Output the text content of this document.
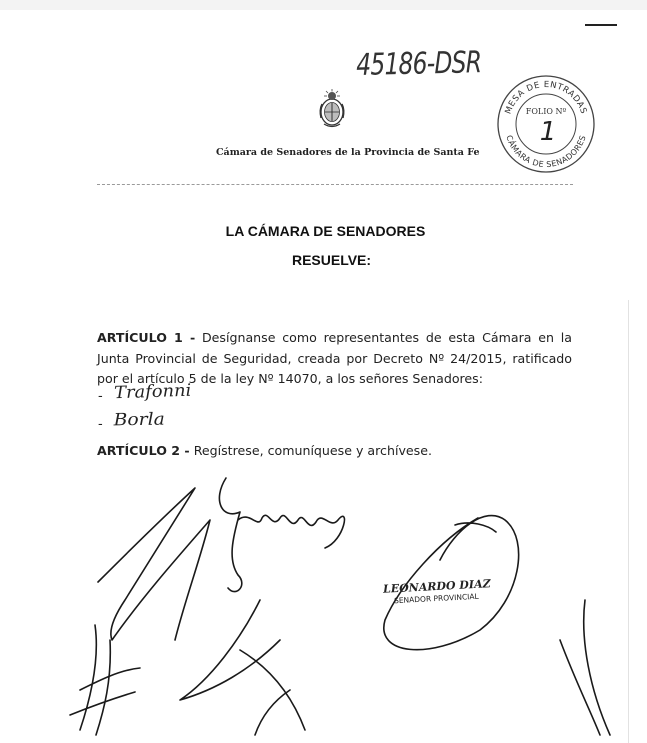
45186-DSR
Cámara de Senadores de la Provincia de Santa Fe
MESA DE ENTRADAS
CÁMARA DE SENADORES
FOLIO Nº
1
LA CÁMARA DE SENADORES
RESUELVE:
ARTÍCULO 1 - Desígnanse como representantes de esta Cámara en la Junta Provincial de Seguridad, creada por Decreto Nº 24/2015, ratificado por el artículo 5 de la ley Nº 14070, a los señores Senadores:
- Trafonni
- Borla
ARTÍCULO 2 - Regístrese, comuníquese y archívese.
LEONARDO DIAZ
SENADOR PROVINCIAL
